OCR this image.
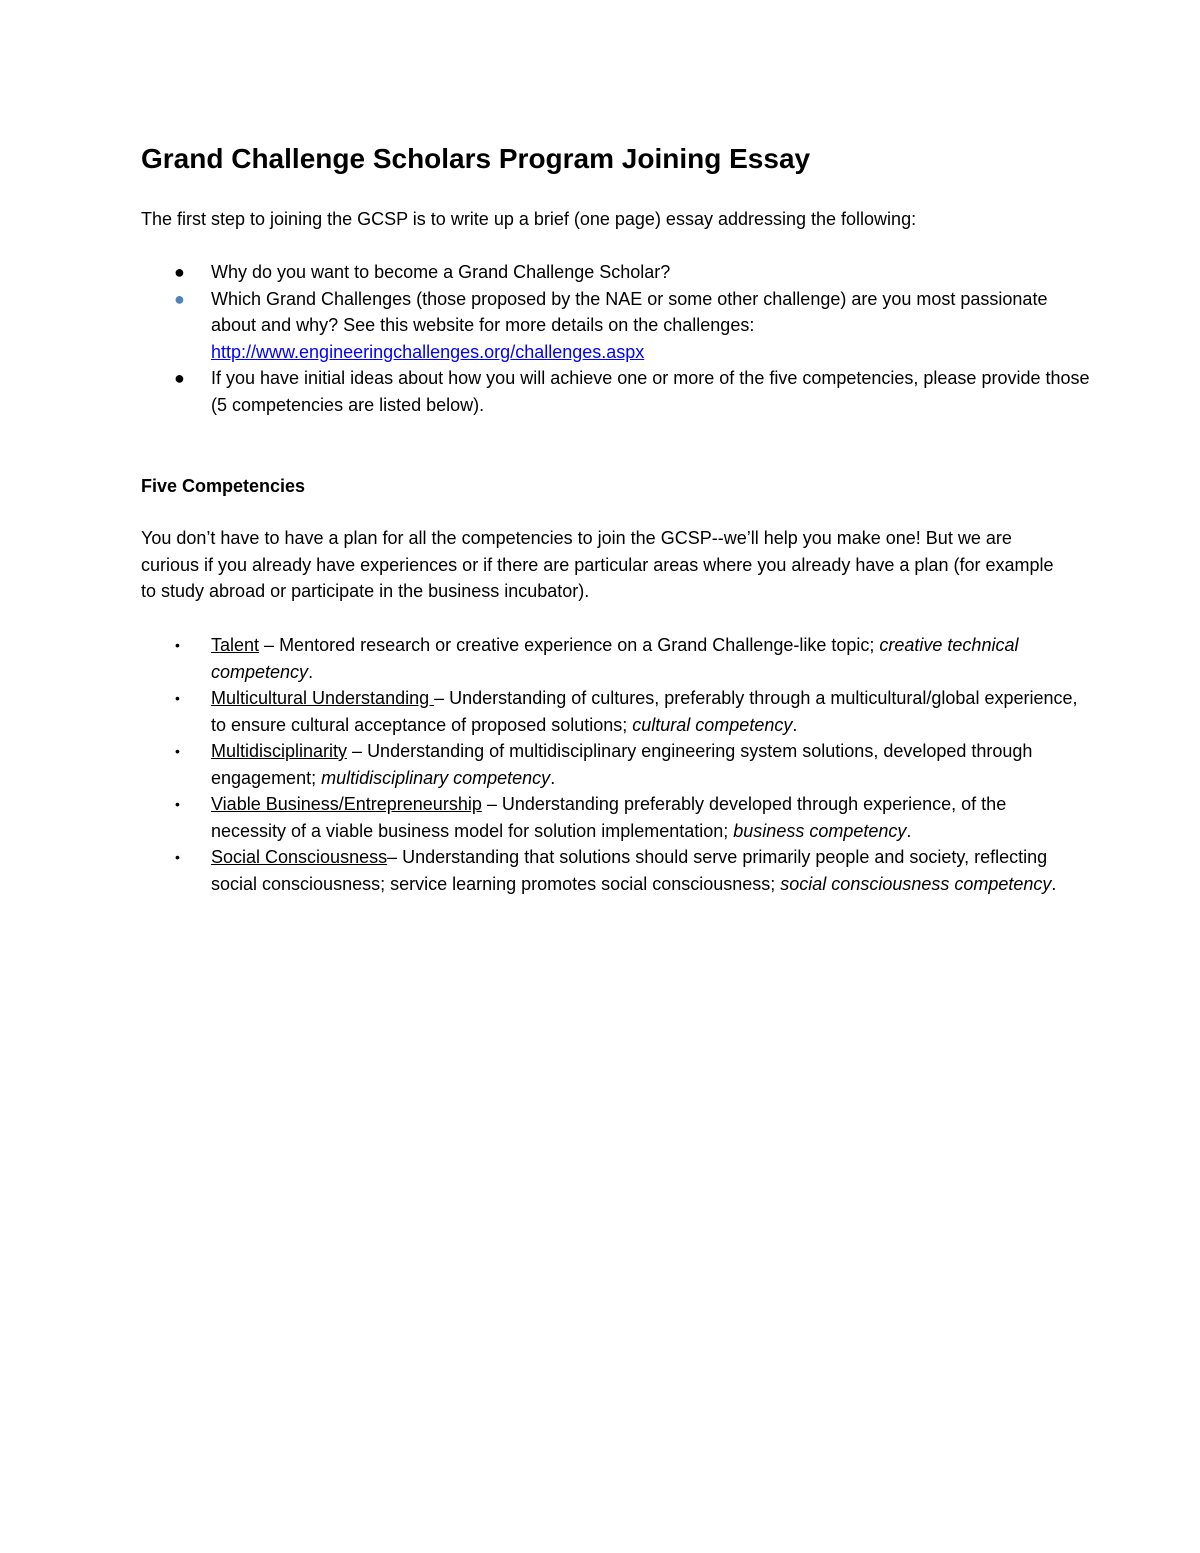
Grand Challenge Scholars Program Joining Essay

The first step to joining the GCSP is to write up a brief (one page) essay addressing the following:

● Why do you want to become a Grand Challenge Scholar?
● Which Grand Challenges (those proposed by the NAE or some other challenge) are you most passionate about and why? See this website for more details on the challenges: http://www.engineeringchallenges.org/challenges.aspx
● If you have initial ideas about how you will achieve one or more of the five competencies, please provide those (5 competencies are listed below).

Five Competencies

You don’t have to have a plan for all the competencies to join the GCSP--we’ll help you make one! But we are curious if you already have experiences or if there are particular areas where you already have a plan (for example to study abroad or participate in the business incubator).

• Talent – Mentored research or creative experience on a Grand Challenge-like topic; creative technical competency.
• Multicultural Understanding – Understanding of cultures, preferably through a multicultural/global experience, to ensure cultural acceptance of proposed solutions; cultural competency.
• Multidisciplinarity – Understanding of multidisciplinary engineering system solutions, developed through engagement; multidisciplinary competency.
• Viable Business/Entrepreneurship – Understanding preferably developed through experience, of the necessity of a viable business model for solution implementation; business competency.
• Social Consciousness– Understanding that solutions should serve primarily people and society, reflecting social consciousness; service learning promotes social consciousness; social consciousness competency.
